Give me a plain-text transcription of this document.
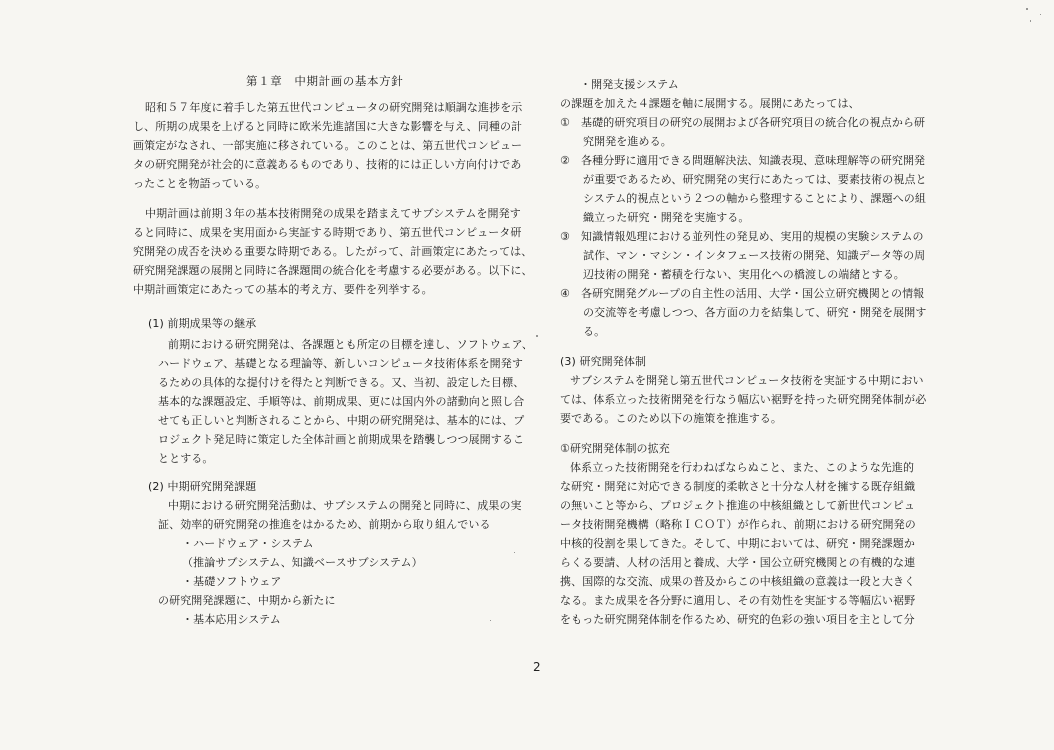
第１章　中期計画の基本方針
昭和５７年度に着手した第五世代コンピュータの研究開発は順調な進捗を示
し、所期の成果を上げると同時に欧米先進諸国に大きな影響を与え、同種の計
画策定がなされ、一部実施に移されている。このことは、第五世代コンピュー
タの研究開発が社会的に意義あるものであり、技術的には正しい方向付けであ
ったことを物語っている。
中期計画は前期３年の基本技術開発の成果を踏まえてサブシステムを開発す
ると同時に、成果を実用面から実証する時期であり、第五世代コンピュータ研
究開発の成否を決める重要な時期である。したがって、計画策定にあたっては、
研究開発課題の展開と同時に各課題間の統合化を考慮する必要がある。以下に、
中期計画策定にあたっての基本的考え方、要件を列挙する。
(1) 前期成果等の継承
前期における研究開発は、各課題とも所定の目標を達し、ソフトウェア、
ハードウェア、基礎となる理論等、新しいコンピュータ技術体系を開発す
るための具体的な提付けを得たと判断できる。又、当初、設定した目標、
基本的な課題設定、手順等は、前期成果、更には国内外の諸動向と照し合
せても正しいと判断されることから、中期の研究開発は、基本的には、プ
ロジェクト発足時に策定した全体計画と前期成果を踏襲しつつ展開するこ
ととする。
(2) 中期研究開発課題
中期における研究開発活動は、サブシステムの開発と同時に、成果の実
証、効率的研究開発の推進をはかるため、前期から取り組んでいる
・ハードウェア・システム
（推論サブシステム、知識ベースサブシステム）
・基礎ソフトウェア
の研究開発課題に、中期から新たに
・基本応用システム
・開発支援システム
の課題を加えた４課題を軸に展開する。展開にあたっては、
①　基礎的研究項目の研究の展開および各研究項目の統合化の視点から研
究開発を進める。
②　各種分野に適用できる問題解決法、知識表現、意味理解等の研究開発
が重要であるため、研究開発の実行にあたっては、要素技術の視点と
システム的視点という２つの軸から整理することにより、課題への組
織立った研究・開発を実施する。
③　知識情報処理における並列性の発見め、実用的規模の実験システムの
試作、マン・マシン・インタフェース技術の開発、知識データ等の周
辺技術の開発・蓄積を行ない、実用化への橋渡しの端緒とする。
④　各研究開発グループの自主性の活用、大学・国公立研究機関との情報
の交流等を考慮しつつ、各方面の力を結集して、研究・開発を展開す
る。
(3) 研究開発体制
サブシステムを開発し第五世代コンピュータ技術を実証する中期におい
ては、体系立った技術開発を行なう幅広い裾野を持った研究開発体制が必
要である。このため以下の施策を推進する。
①研究開発体制の拡充
体系立った技術開発を行わねばならぬこと、また、このような先進的
な研究・開発に対応できる制度的柔軟さと十分な人材を擁する既存組織
の無いこと等から、プロジェクト推進の中核組織として新世代コンピュ
ータ技術開発機構（略称ＩＣＯＴ）が作られ、前期における研究開発の
中核的役割を果してきた。そして、中期においては、研究・開発課題か
らくる要請、人材の活用と養成、大学・国公立研究機関との有機的な連
携、国際的な交流、成果の普及からこの中核組織の意義は一段と大きく
なる。また成果を各分野に適用し、その有効性を実証する等幅広い裾野
をもった研究開発体制を作るため、研究的色彩の強い項目を主として分
2
